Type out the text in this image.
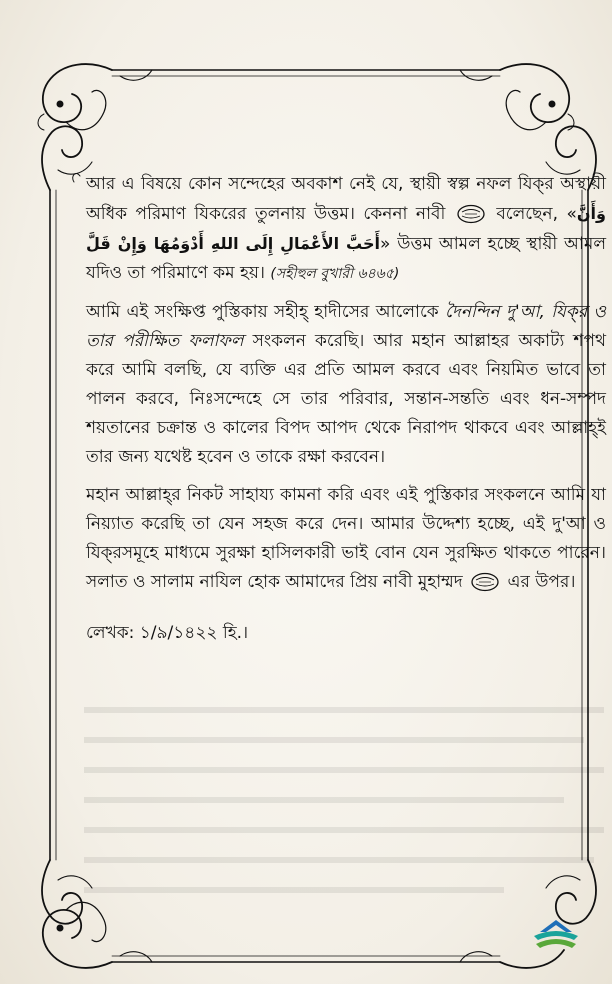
আর এ বিষয়ে কোন সন্দেহের অবকাশ নেই যে, স্থায়ী স্বল্প নফল যিক্‌র অস্থায়ী অধিক পরিমাণ যিকরের তুলনায় উত্তম। কেননা নাবী	বলেছেন, «وَأَنَّ أَحَبَّ الأَعْمَالِ إِلَى اللهِ أَدْوَمُهَا وَإِنْ قَلَّ» উত্তম আমল হচ্ছে স্থায়ী আমল যদিও তা পরিমাণে কম হয়। (সহীহুল বুখারী ৬৪৬৫)

আমি এই সংক্ষিপ্ত পুস্তিকায় সহীহ্ হাদীসের আলোকে দৈনন্দিন দু'আ, যিক্‌র ও তার পরীক্ষিত ফলাফল সংকলন করেছি। আর মহান আল্লাহর অকাট্য শপথ করে আমি বলছি, যে ব্যক্তি এর প্রতি আমল করবে এবং নিয়মিত ভাবে তা পালন করবে, নিঃসন্দেহে সে তার পরিবার, সন্তান-সন্ততি এবং ধন-সম্পদ শয়তানের চক্রান্ত ও কালের বিপদ আপদ থেকে নিরাপদ থাকবে এবং আল্লাহ্ই তার জন্য যথেষ্ট হবেন ও তাকে রক্ষা করবেন।

মহান আল্লাহ্‌র নিকট সাহায্য কামনা করি এবং এই পুস্তিকার সংকলনে আমি যা নিয়্যাত করেছি তা যেন সহজ করে দেন। আমার উদ্দেশ্য হচ্ছে, এই দু'আ ও যিক্‌রসমূহে মাধ্যমে সুরক্ষা হাসিলকারী ভাই বোন যেন সুরক্ষিত থাকতে পারেন। সলাত ও সালাম নাযিল হোক আমাদের প্রিয় নাবী মুহাম্মদ	এর উপর।

লেখক: ১/৯/১৪২২ হি.।
